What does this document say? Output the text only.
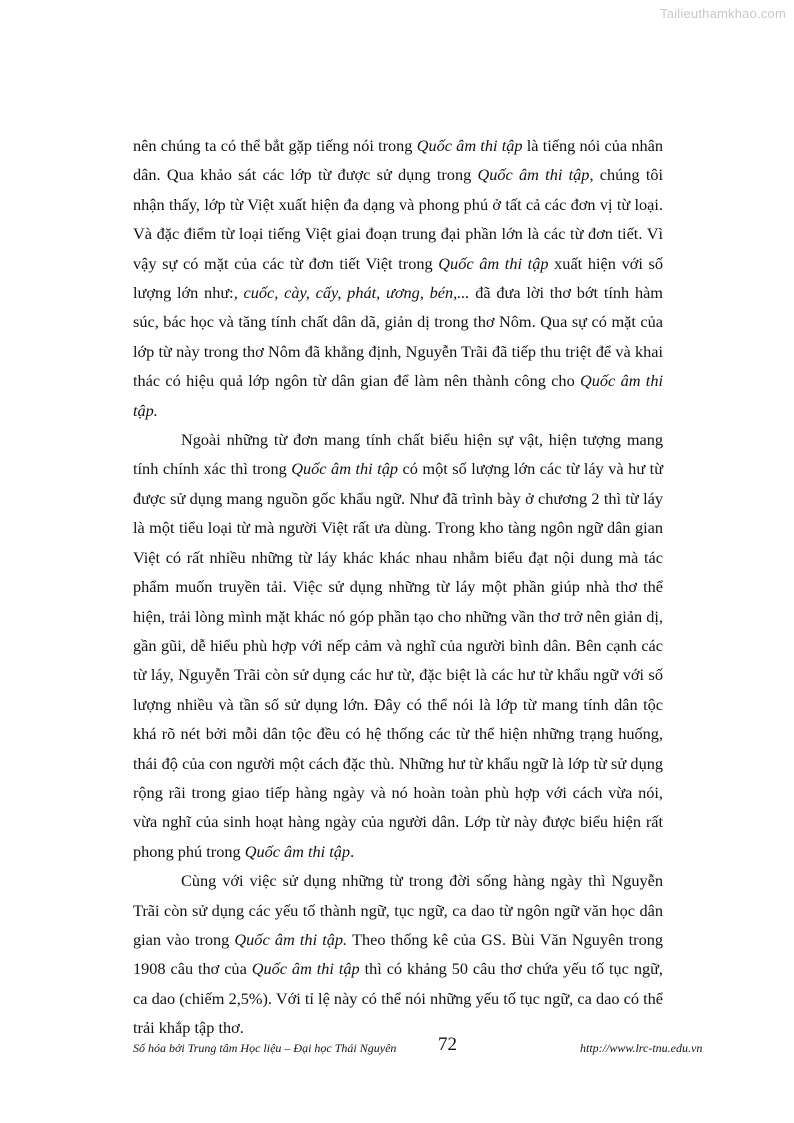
Tailieuthamkhao.com

nên chúng ta có thể bắt gặp tiếng nói trong Quốc âm thi tập là tiếng nói của nhân dân. Qua khảo sát các lớp từ được sử dụng trong Quốc âm thi tập, chúng tôi nhận thấy, lớp từ Việt xuất hiện đa dạng và phong phú ở tất cả các đơn vị từ loại. Và đặc điểm từ loại tiếng Việt giai đoạn trung đại phần lớn là các từ đơn tiết. Vì vậy sự có mặt của các từ đơn tiết Việt trong Quốc âm thi tập xuất hiện với số lượng lớn như:, cuốc, cày, cấy, phát, ương, bén,... đã đưa lời thơ bớt tính hàm súc, bác học và tăng tính chất dân dã, giản dị trong thơ Nôm. Qua sự có mặt của lớp từ này trong thơ Nôm đã khẳng định, Nguyễn Trãi đã tiếp thu triệt để và khai thác có hiệu quả lớp ngôn từ dân gian để làm nên thành công cho Quốc âm thi tập.

Ngoài những từ đơn mang tính chất biểu hiện sự vật, hiện tượng mang tính chính xác thì trong Quốc âm thi tập có một số lượng lớn các từ láy và hư từ được sử dụng mang nguồn gốc khẩu ngữ. Như đã trình bày ở chương 2 thì từ láy là một tiểu loại từ mà người Việt rất ưa dùng. Trong kho tàng ngôn ngữ dân gian Việt có rất nhiều những từ láy khác khác nhau nhằm biểu đạt nội dung mà tác phẩm muốn truyền tải. Việc sử dụng những từ láy một phần giúp nhà thơ thể hiện, trải lòng mình mặt khác nó góp phần tạo cho những vần thơ trở nên giản dị, gần gũi, dễ hiểu phù hợp với nếp cảm và nghĩ của người bình dân. Bên cạnh các từ láy, Nguyễn Trãi còn sử dụng các hư từ, đặc biệt là các hư từ khẩu ngữ với số lượng nhiều và tần số sử dụng lớn. Đây có thể nói là lớp từ mang tính dân tộc khá rõ nét bởi mỗi dân tộc đều có hệ thống các từ thể hiện những trạng huống, thái độ của con người một cách đặc thù. Những hư từ khẩu ngữ là lớp từ sử dụng rộng rãi trong giao tiếp hàng ngày và nó hoàn toàn phù hợp với cách vừa nói, vừa nghĩ của sinh hoạt hàng ngày của người dân. Lớp từ này được biểu hiện rất phong phú trong Quốc âm thi tập.

Cùng với việc sử dụng những từ trong đời sống hàng ngày thì Nguyễn Trãi còn sử dụng các yếu tố thành ngữ, tục ngữ, ca dao từ ngôn ngữ văn học dân gian vào trong Quốc âm thi tập. Theo thống kê của GS. Bùi Văn Nguyên trong 1908 câu thơ của Quốc âm thi tập thì có khảng 50 câu thơ chứa yếu tố tục ngữ, ca dao (chiếm 2,5%). Với tỉ lệ này có thể nói những yếu tố tục ngữ, ca dao có thể trải khắp tập thơ.

Số hóa bởi Trung tâm Học liệu – Đại học Thái Nguyên 72	http://www.lrc-tnu.edu.vn
